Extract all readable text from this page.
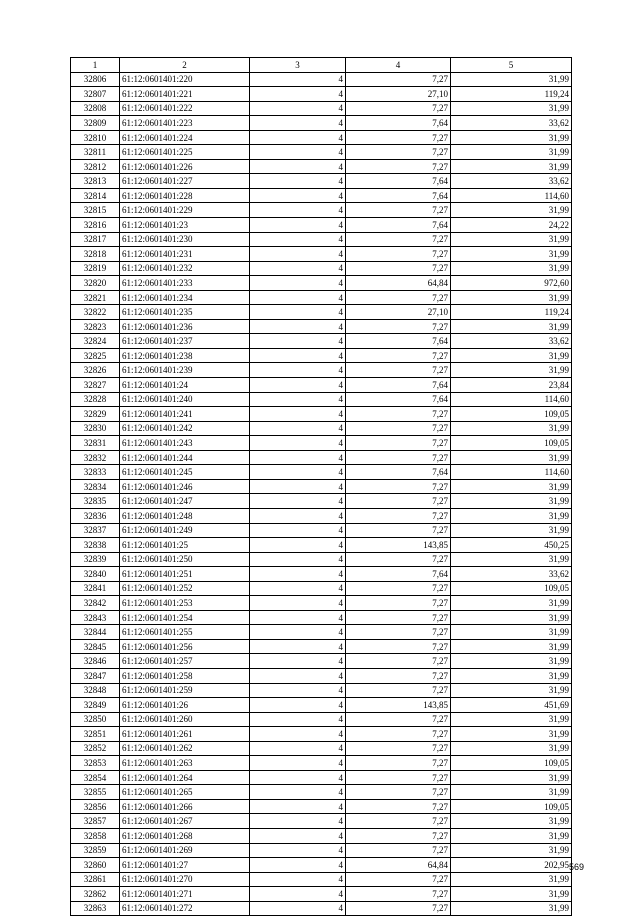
1	2	3	4	5
32806	61:12:0601401:220	4	7,27	31,99
32807	61:12:0601401:221	4	27,10	119,24
32808	61:12:0601401:222	4	7,27	31,99
32809	61:12:0601401:223	4	7,64	33,62
32810	61:12:0601401:224	4	7,27	31,99
32811	61:12:0601401:225	4	7,27	31,99
32812	61:12:0601401:226	4	7,27	31,99
32813	61:12:0601401:227	4	7,64	33,62
32814	61:12:0601401:228	4	7,64	114,60
32815	61:12:0601401:229	4	7,27	31,99
32816	61:12:0601401:23	4	7,64	24,22
32817	61:12:0601401:230	4	7,27	31,99
32818	61:12:0601401:231	4	7,27	31,99
32819	61:12:0601401:232	4	7,27	31,99
32820	61:12:0601401:233	4	64,84	972,60
32821	61:12:0601401:234	4	7,27	31,99
32822	61:12:0601401:235	4	27,10	119,24
32823	61:12:0601401:236	4	7,27	31,99
32824	61:12:0601401:237	4	7,64	33,62
32825	61:12:0601401:238	4	7,27	31,99
32826	61:12:0601401:239	4	7,27	31,99
32827	61:12:0601401:24	4	7,64	23,84
32828	61:12:0601401:240	4	7,64	114,60
32829	61:12:0601401:241	4	7,27	109,05
32830	61:12:0601401:242	4	7,27	31,99
32831	61:12:0601401:243	4	7,27	109,05
32832	61:12:0601401:244	4	7,27	31,99
32833	61:12:0601401:245	4	7,64	114,60
32834	61:12:0601401:246	4	7,27	31,99
32835	61:12:0601401:247	4	7,27	31,99
32836	61:12:0601401:248	4	7,27	31,99
32837	61:12:0601401:249	4	7,27	31,99
32838	61:12:0601401:25	4	143,85	450,25
32839	61:12:0601401:250	4	7,27	31,99
32840	61:12:0601401:251	4	7,64	33,62
32841	61:12:0601401:252	4	7,27	109,05
32842	61:12:0601401:253	4	7,27	31,99
32843	61:12:0601401:254	4	7,27	31,99
32844	61:12:0601401:255	4	7,27	31,99
32845	61:12:0601401:256	4	7,27	31,99
32846	61:12:0601401:257	4	7,27	31,99
32847	61:12:0601401:258	4	7,27	31,99
32848	61:12:0601401:259	4	7,27	31,99
32849	61:12:0601401:26	4	143,85	451,69
32850	61:12:0601401:260	4	7,27	31,99
32851	61:12:0601401:261	4	7,27	31,99
32852	61:12:0601401:262	4	7,27	31,99
32853	61:12:0601401:263	4	7,27	109,05
32854	61:12:0601401:264	4	7,27	31,99
32855	61:12:0601401:265	4	7,27	31,99
32856	61:12:0601401:266	4	7,27	109,05
32857	61:12:0601401:267	4	7,27	31,99
32858	61:12:0601401:268	4	7,27	31,99
32859	61:12:0601401:269	4	7,27	31,99
32860	61:12:0601401:27	4	64,84	202,95
32861	61:12:0601401:270	4	7,27	31,99
32862	61:12:0601401:271	4	7,27	31,99
32863	61:12:0601401:272	4	7,27	31,99
569
